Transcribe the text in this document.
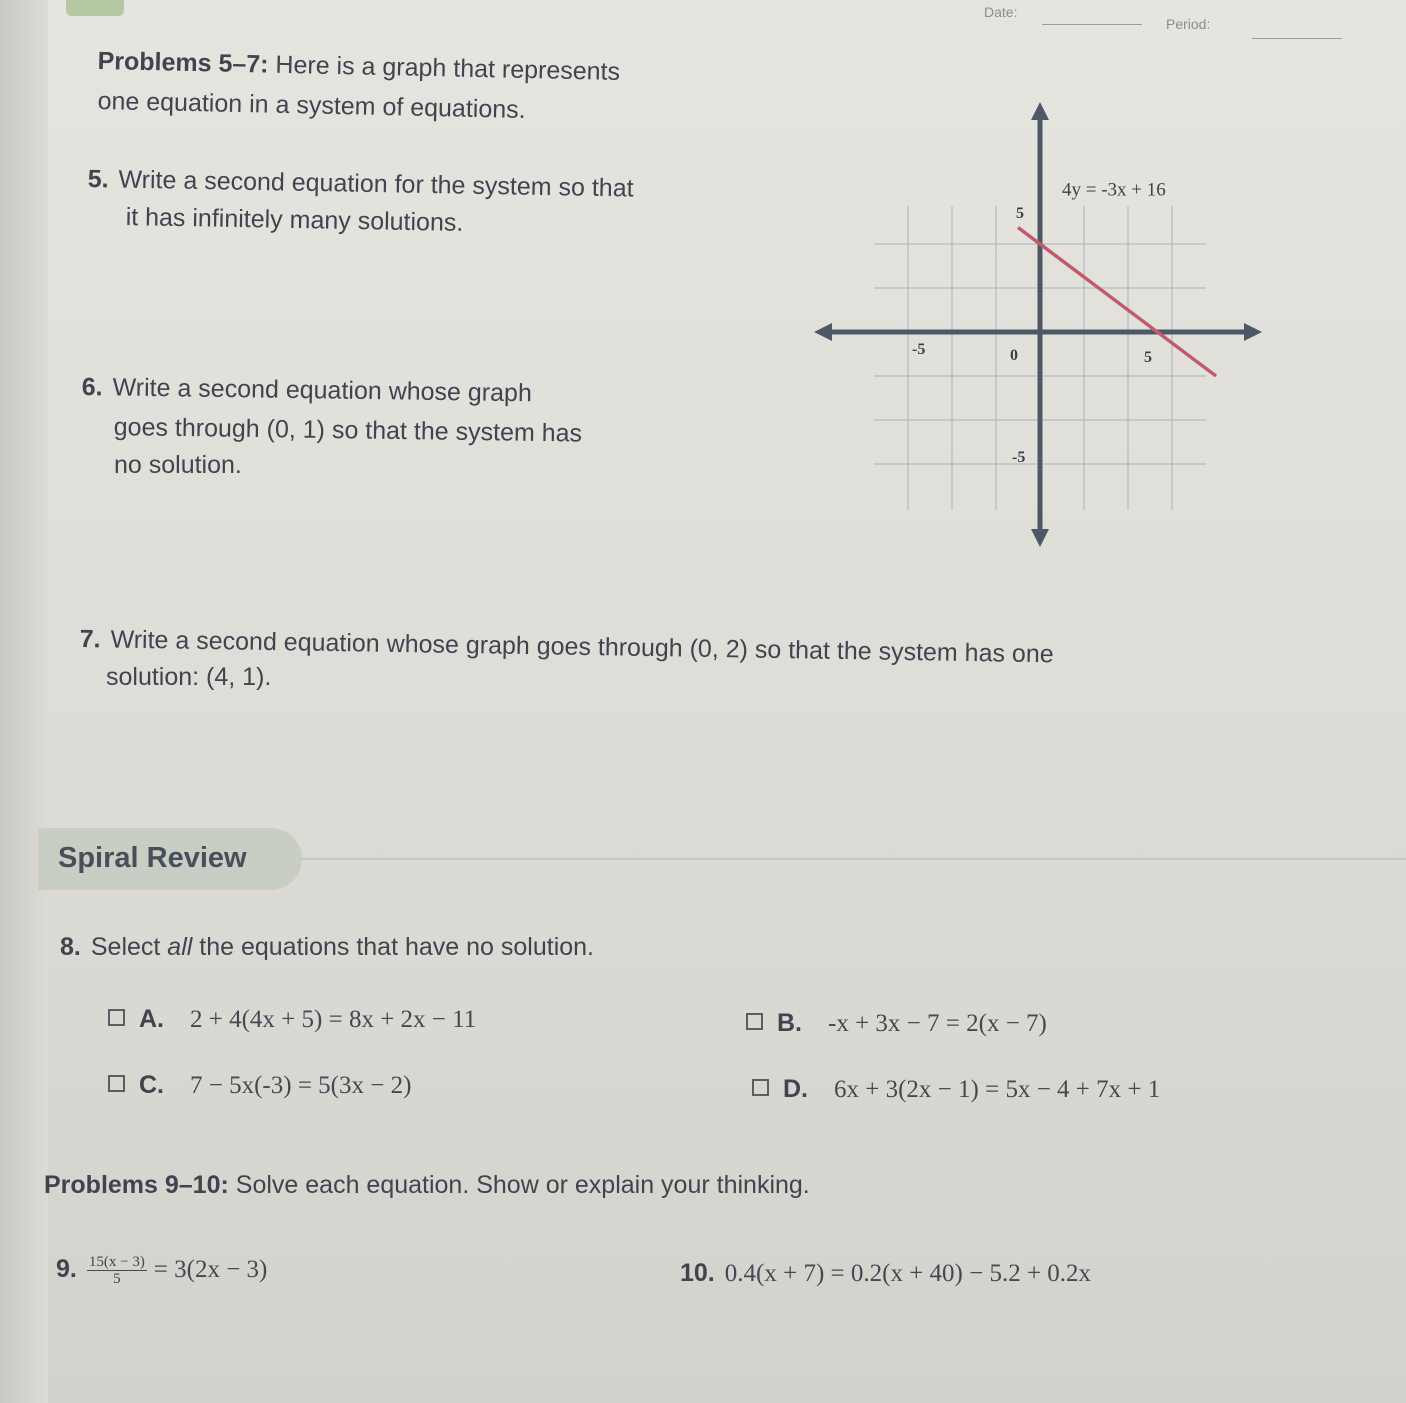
Date:
Period:
Problems 5–7: Here is a graph that represents
one equation in a system of equations.
5. Write a second equation for the system so that
it has infinitely many solutions.
6. Write a second equation whose graph
goes through (0, 1) so that the system has
no solution.
4y = -3x + 16
-5	0	5
5
-5
7. Write a second equation whose graph goes through (0, 2) so that the system has one
solution: (4, 1).
Spiral Review
8. Select all the equations that have no solution.
A. 2 + 4(4x + 5) = 8x + 2x − 11	B. -x + 3x − 7 = 2(x − 7)
C. 7 − 5x(-3) = 5(3x − 2)	D. 6x + 3(2x − 1) = 5x − 4 + 7x + 1
Problems 9–10: Solve each equation. Show or explain your thinking.
9. $\frac{15(x - 3)}{5} = 3(2x - 3)$	10. 0.4(x + 7) = 0.2(x + 40) − 5.2 + 0.2x
